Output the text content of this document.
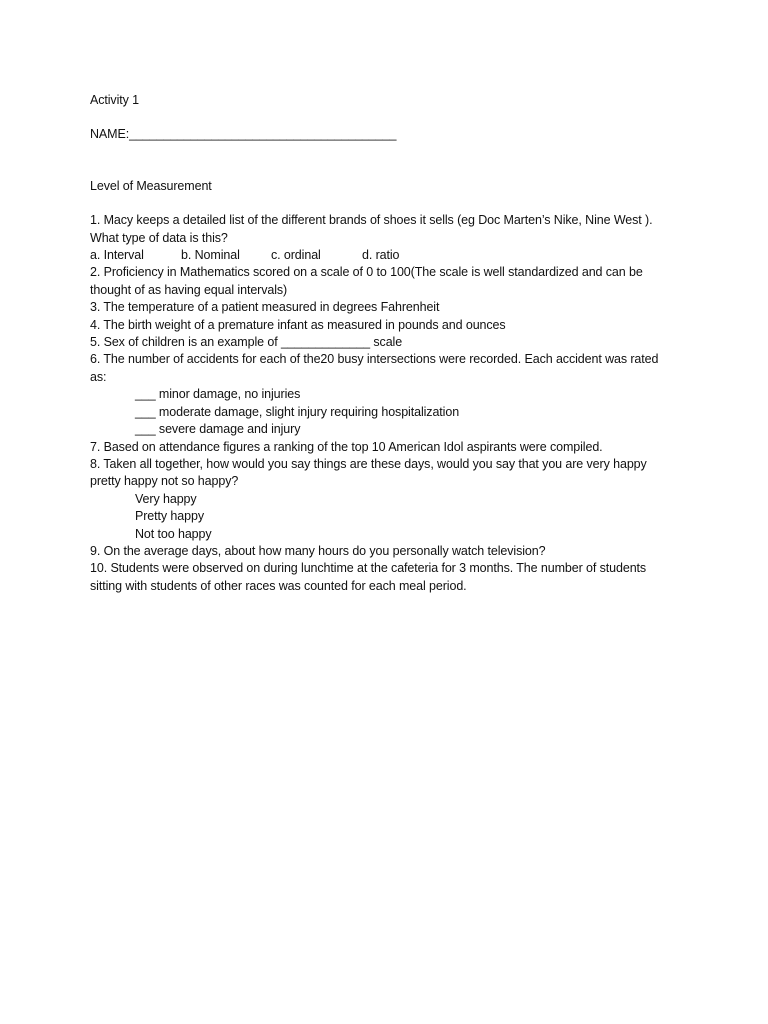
Activity 1

NAME:_______________________________________

Level of Measurement

1. Macy keeps a detailed list of the different brands of shoes it sells (eg Doc Marten’s Nike, Nine West ).

What type of data is this?

a. Interval	b. Nominal	c. ordinal	d. ratio

2. Proficiency in Mathematics scored on a scale of 0 to 100(The scale is well standardized and can be

thought of as having equal intervals)

3. The temperature of a patient measured in degrees Fahrenheit

4. The birth weight of a premature infant as measured in pounds and ounces

5. Sex of children is an example of _____________ scale

6. The number of accidents for each of the20 busy intersections were recorded. Each accident was rated

as:

___ minor damage, no injuries

___ moderate damage, slight injury requiring hospitalization

___ severe damage and injury

7. Based on attendance figures a ranking of the top 10 American Idol aspirants were compiled.

8. Taken all together, how would you say things are these days, would you say that you are very happy

pretty happy not so happy?

Very happy

Pretty happy

Not too happy

9. On the average days, about how many hours do you personally watch television?

10. Students were observed on during lunchtime at the cafeteria for 3 months. The number of students

sitting with students of other races was counted for each meal period.
